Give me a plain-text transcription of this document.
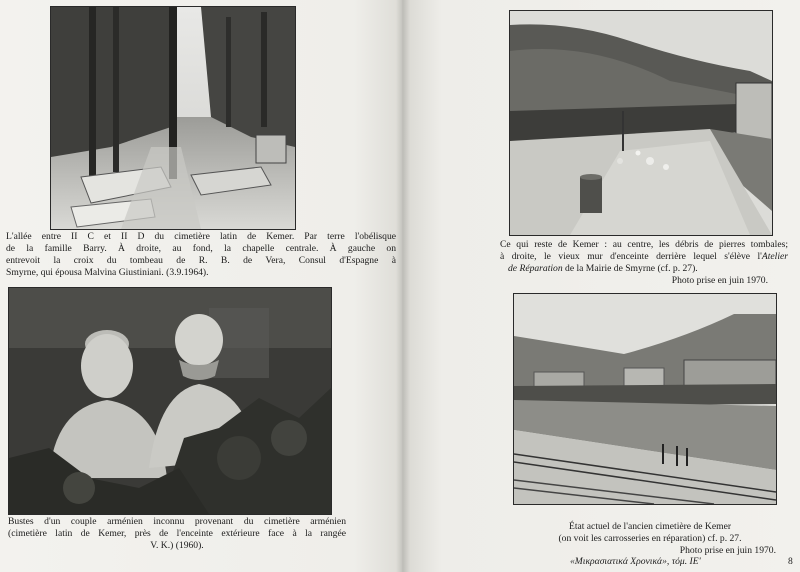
L'allée entre II C et II D du cimetière latin de Kemer. Par terre l'obélisque
de la famille Barry. À droite, au fond, la chapelle centrale. À gauche on
entrevoit la croix du tombeau de R. B. de Vera, Consul d'Espagne à
Smyrne, qui épousa Malvina Giustiniani. (3.9.1964).

Bustes d'un couple arménien inconnu provenant du cimetière arménien
(cimetière latin de Kemer, près de l'enceinte extérieure face à la rangée
V. K.) (1960).

Ce qui reste de Kemer : au centre, les débris de pierres tombales;
à droite, le vieux mur d'enceinte derrière lequel s'élève l'Atelier
de Réparation de la Mairie de Smyrne (cf. p. 27).
Photo prise en juin 1970.

État actuel de l'ancien cimetière de Kemer
(on voit les carrosseries en réparation) cf. p. 27.
Photo prise en juin 1970.

«Μικρασιατικά Χρονικά», τόμ. ΙΕ'	8
